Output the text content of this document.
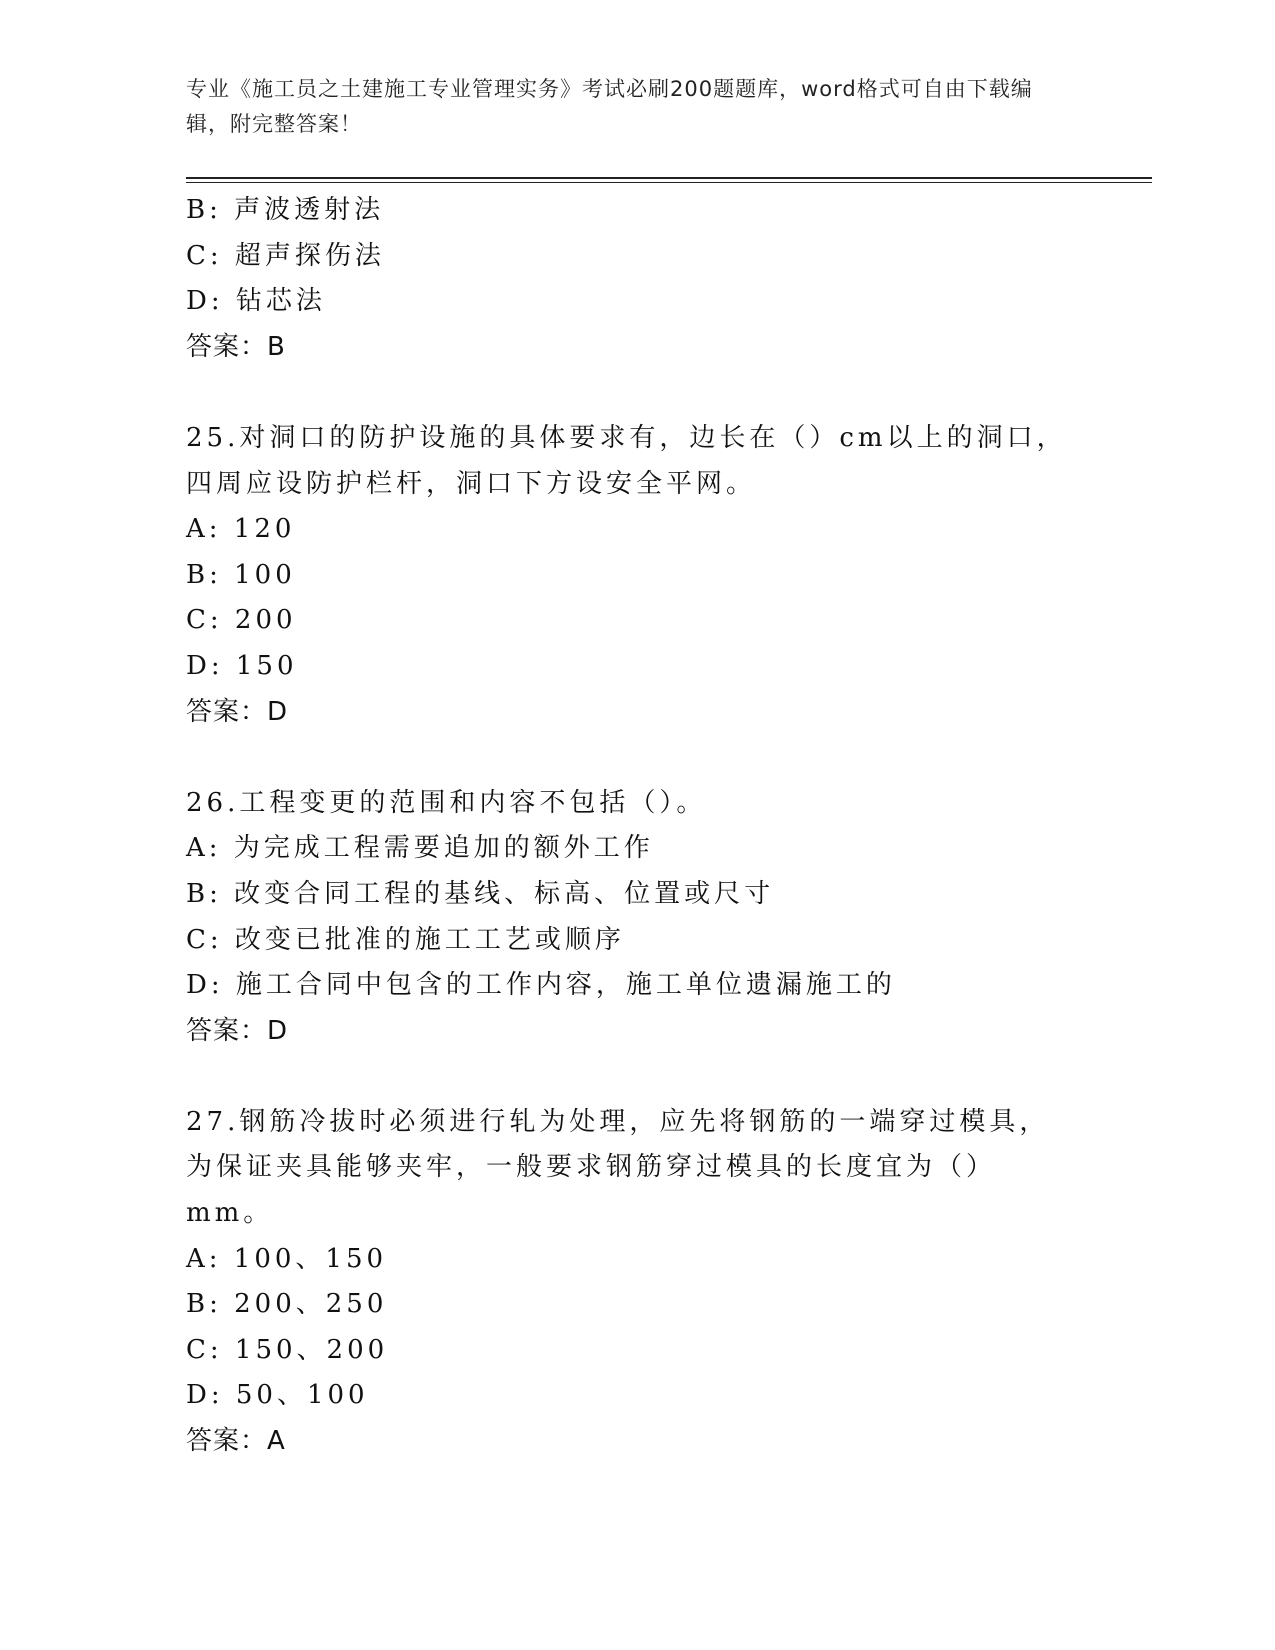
专业《施工员之土建施工专业管理实务》考试必刷200题题库，word格式可自由下载编辑，附完整答案！
B: 声波透射法
C: 超声探伤法
D: 钻芯法
答案：B
25.对洞口的防护设施的具体要求有，边长在（）cm以上的洞口，四周应设防护栏杆，洞口下方设安全平网。
A: 120
B: 100
C: 200
D: 150
答案：D
26.工程变更的范围和内容不包括（）。
A: 为完成工程需要追加的额外工作
B: 改变合同工程的基线、标高、位置或尺寸
C: 改变已批准的施工工艺或顺序
D: 施工合同中包含的工作内容，施工单位遗漏施工的
答案：D
27.钢筋冷拔时必须进行轧为处理，应先将钢筋的一端穿过模具，为保证夹具能够夹牢，一般要求钢筋穿过模具的长度宜为（）mm。
A: 100、150
B: 200、250
C: 150、200
D: 50、100
答案：A
